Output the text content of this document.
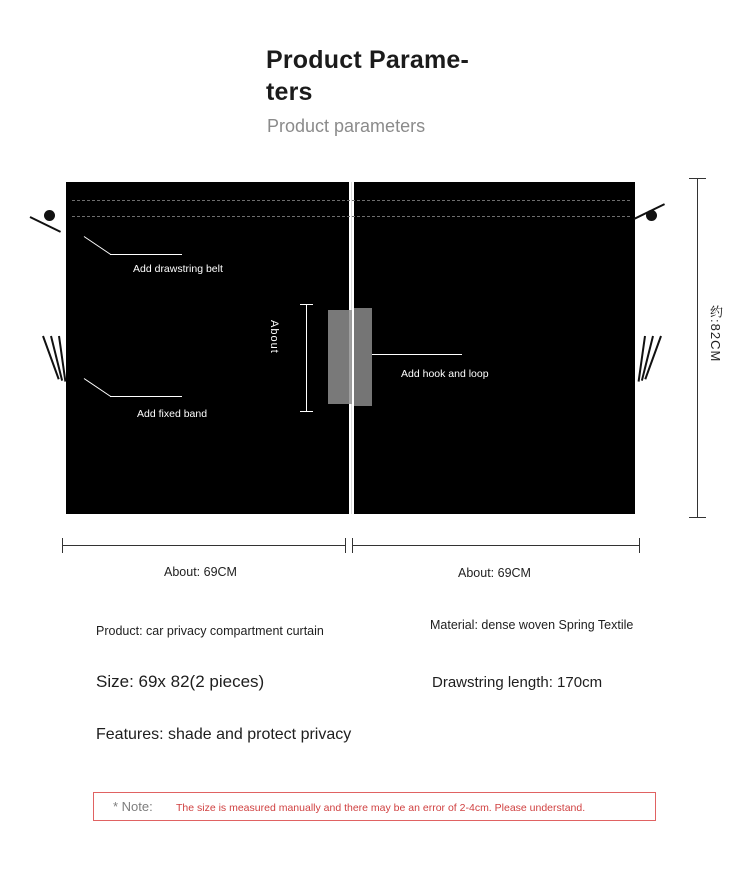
Product Parame-ters
Product parameters
About
Add drawstring belt
Add fixed band
Add hook and loop
约:82CM
About: 69CM	About: 69CM
Product: car privacy compartment curtain	Material: dense woven Spring Textile
Size: 69x 82(2 pieces)	Drawstring length: 170cm
Features: shade and protect privacy
* Note: The size is measured manually and there may be an error of 2-4cm. Please understand.
